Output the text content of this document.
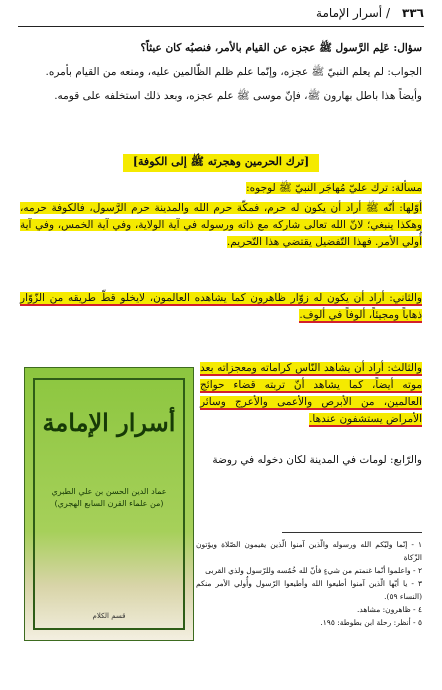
٣٣٦
/ أسرار الإمامة
سؤال: عَلِم الرَّسول ﷺ عجزه عن القيام بالأمر، فنصبُه كان عبثاً؟
الجواب: لم يعلم النبيّ ﷺ عجزه، وإنّما علم ظلم الظّالمين عليه، ومنعه من القيام بأمره.
وأيضاً هذا باطل بهارون ﷺ، فإنّ موسى ﷺ علم عجزه، وبعد ذلك استخلفه على قومه.
[ترك الحرمين وهجرته ﷺ إلى الكوفة]
مسألة: ترك عليّ مُهاجَر النبيّ ﷺ لوجوه:
أوّلها: أنّه ﷺ أراد أن يكون له حرم، فمكّة حرم الله والمدينة حرم الرَّسول، فالكوفة حرمه، وهكذا ينبغي؛ لانّ الله تعالى شاركه مع ذاته ورسوله في آية الولاية، وفي آية الخمس، وفي آية أُولي الأمر. فهذا التّفضيل يقتضي هذا التّحريم.
والثاني: أراد أن يكون له زوّار ظاهرون كما يشاهده العالمون، لايخلو قطّ طريقه من الزّوّار ذهاباً ومجيئاً، ألوفاً في ألوف.
والثالث: أراد أن يشاهد النّاس كراماته ومعجزاته بعد موته أيضاً، كما يشاهد أنّ تربته قضاء حوائج العالمين، من الأبرص والأعمى والأعرج وسائر الأمراض يستشفون عندها.
والرّابع: لومات في المدينة لكان دخوله في روضة
أسرار الإمامة
عماد الدين الحسن بن علي الطبري
(من علماء القرن السابع الهجري)
قسم الكلام
١ - إنّما وليّكم الله ورسوله والّذين آمنوا الّذين يقيمون الصّلاة ويؤتون الزّكاة
٢ - واعلموا أنّما غنمتم من شيءٍ فأنّ لله خُمُسه وللرّسول ولذي القربى
٣ - يا أيّها الّذين آمنوا أطيعوا الله وأطيعوا الرّسول وأُولي الأمر منكم (النساء ٥٩).
٤ - ظاهرون: مشاهد.
٥ - أنظر: رحلة ابن بطوطة: ١٩٥.
